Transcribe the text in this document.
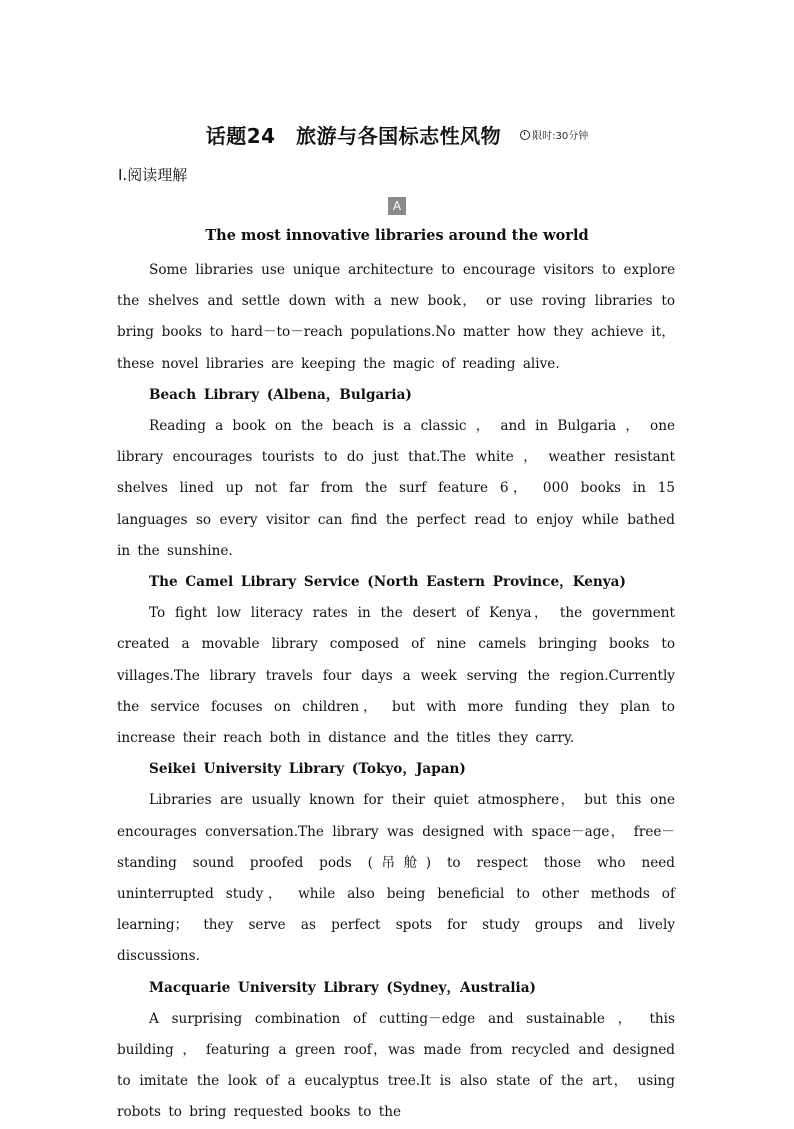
话题24　旅游与各国标志性风物	限时:30分钟
Ⅰ.阅读理解
A
The most innovative libraries around the world

Some libraries use unique architecture to encourage visitors to explore the shelves and settle down with a new book， or use roving libraries to bring books to hard－to－reach populations.No matter how they achieve it， these novel libraries are keeping the magic of reading alive.

Beach Library (Albena，Bulgaria)

Reading a book on the beach is a classic ， and in Bulgaria ， one library encourages tourists to do just that.The white ， weather resistant shelves lined up not far from the surf feature 6， 000 books in 15 languages so every visitor can find the perfect read to enjoy while bathed in the sunshine.

The Camel Library Service (North Eastern Province，Kenya)

To fight low literacy rates in the desert of Kenya， the government created a movable library composed of nine camels bringing books to villages.The library travels four days a week serving the region.Currently the service focuses on children， but with more funding they plan to increase their reach both in distance and the titles they carry.

Seikei University Library (Tokyo，Japan)

Libraries are usually known for their quiet atmosphere， but this one encourages conversation.The library was designed with space－age， free－standing sound proofed pods (吊舱) to respect those who need uninterrupted study， while also being beneficial to other methods of learning； they serve as perfect spots for study groups and lively discussions.

Macquarie University Library (Sydney，Australia)

A surprising combination of cutting－edge and sustainable ， this building ， featuring a green roof，was made from recycled and designed to imitate the look of a eucalyptus tree.It is also state of the art， using robots to bring requested books to the
